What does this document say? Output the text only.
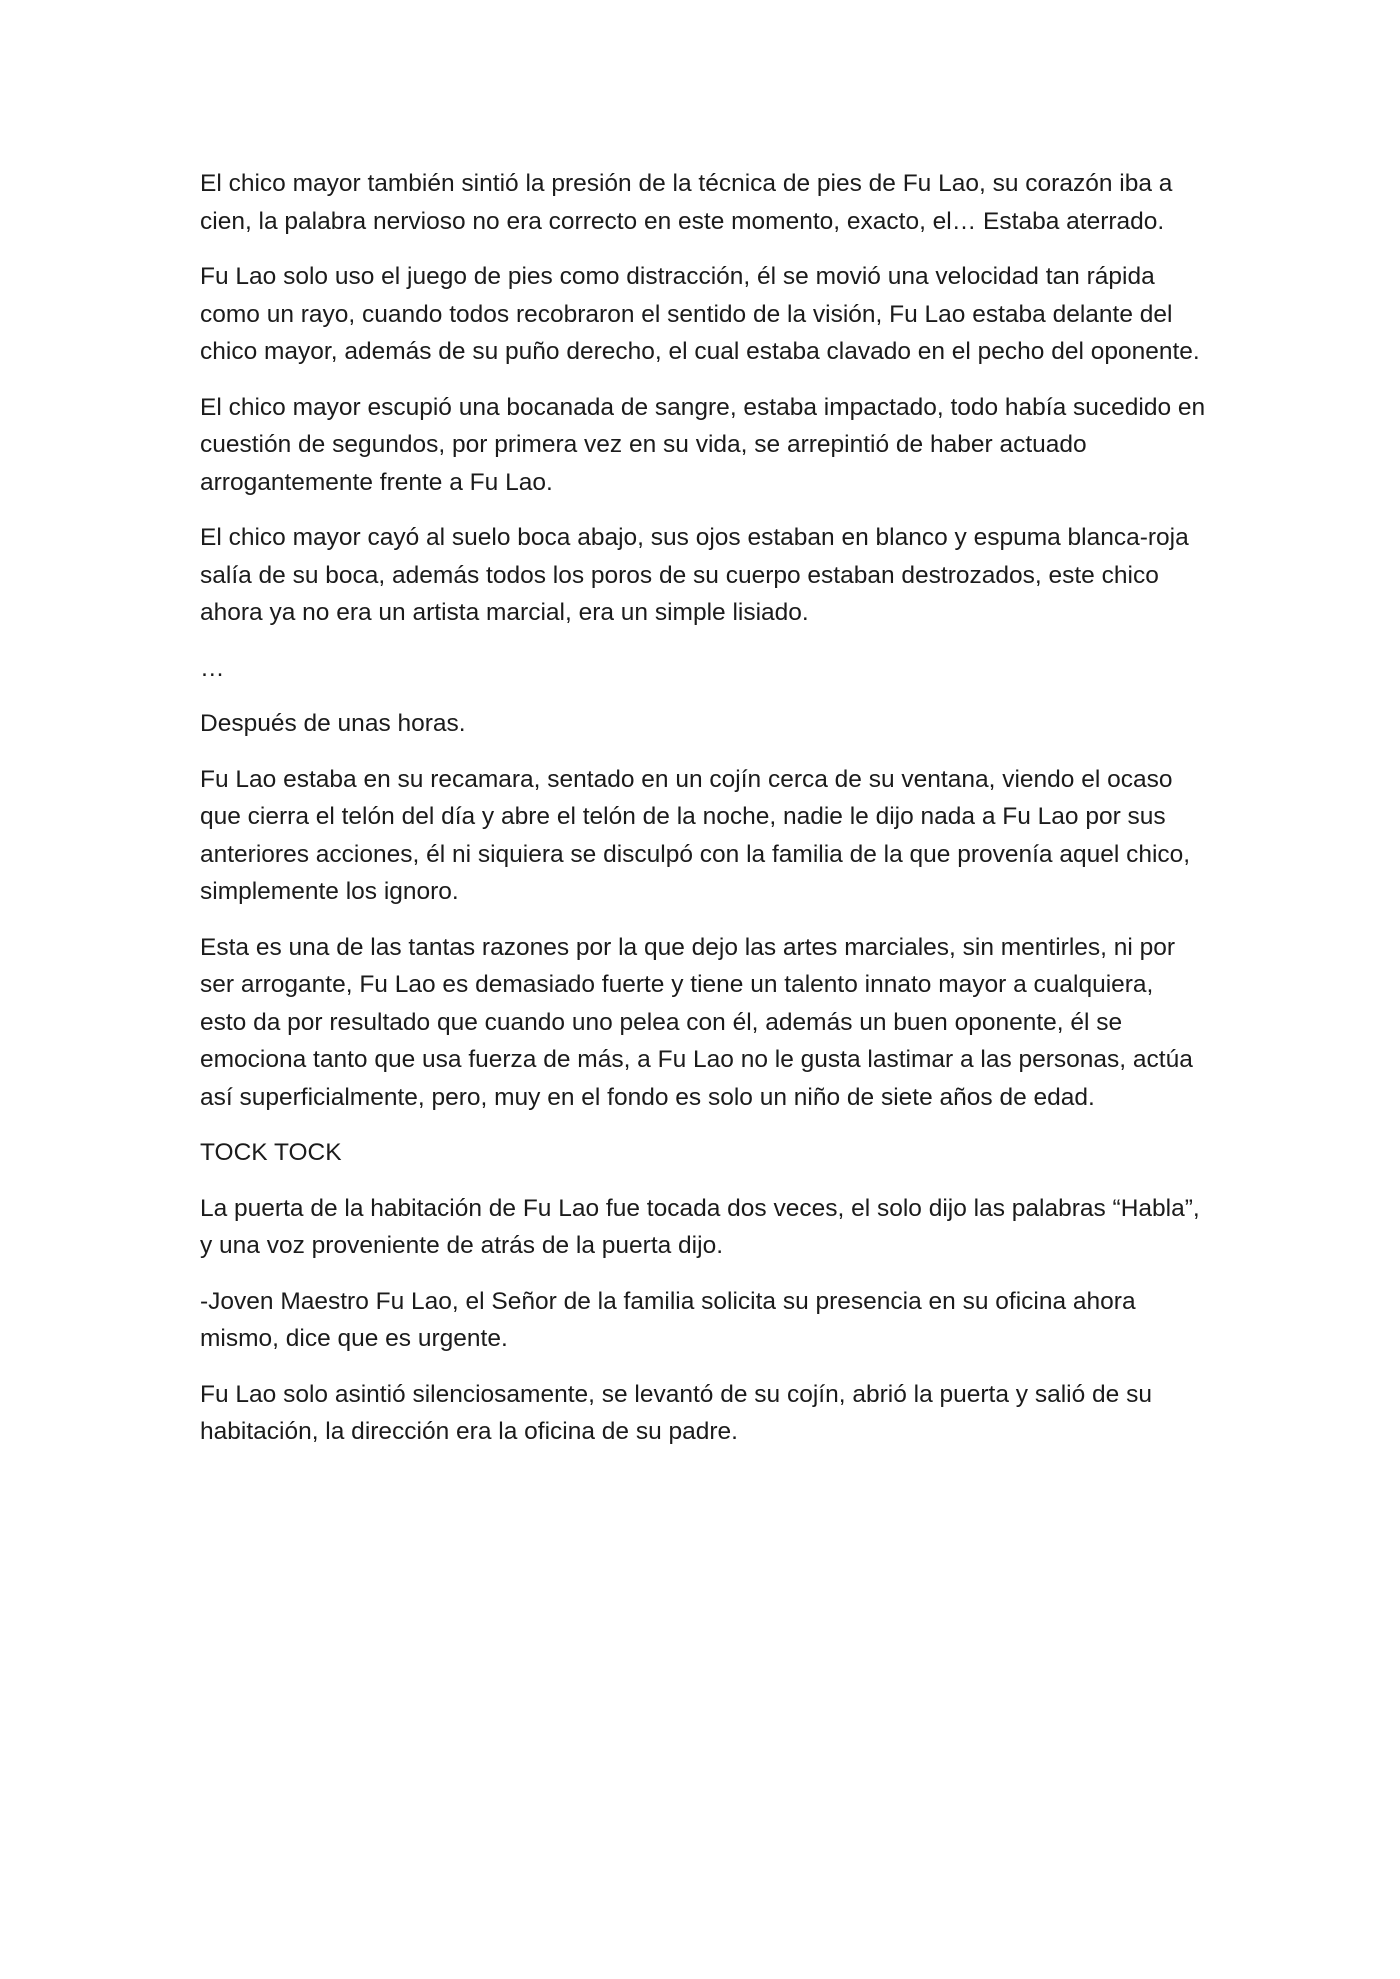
El chico mayor también sintió la presión de la técnica de pies de Fu Lao, su corazón iba a cien, la palabra nervioso no era correcto en este momento, exacto, el… Estaba aterrado.

Fu Lao solo uso el juego de pies como distracción, él se movió una velocidad tan rápida como un rayo, cuando todos recobraron el sentido de la visión, Fu Lao estaba delante del chico mayor, además de su puño derecho, el cual estaba clavado en el pecho del oponente.

El chico mayor escupió una bocanada de sangre, estaba impactado, todo había sucedido en cuestión de segundos, por primera vez en su vida, se arrepintió de haber actuado arrogantemente frente a Fu Lao.

El chico mayor cayó al suelo boca abajo, sus ojos estaban en blanco y espuma blanca-roja salía de su boca, además todos los poros de su cuerpo estaban destrozados, este chico ahora ya no era un artista marcial, era un simple lisiado.

…

Después de unas horas.

Fu Lao estaba en su recamara, sentado en un cojín cerca de su ventana, viendo el ocaso que cierra el telón del día y abre el telón de la noche, nadie le dijo nada a Fu Lao por sus anteriores acciones, él ni siquiera se disculpó con la familia de la que provenía aquel chico, simplemente los ignoro.

Esta es una de las tantas razones por la que dejo las artes marciales, sin mentirles, ni por ser arrogante, Fu Lao es demasiado fuerte y tiene un talento innato mayor a cualquiera, esto da por resultado que cuando uno pelea con él, además un buen oponente, él se emociona tanto que usa fuerza de más, a Fu Lao no le gusta lastimar a las personas, actúa así superficialmente, pero, muy en el fondo es solo un niño de siete años de edad.

TOCK TOCK

La puerta de la habitación de Fu Lao fue tocada dos veces, el solo dijo las palabras “Habla”, y una voz proveniente de atrás de la puerta dijo.

-Joven Maestro Fu Lao, el Señor de la familia solicita su presencia en su oficina ahora mismo, dice que es urgente.

Fu Lao solo asintió silenciosamente, se levantó de su cojín, abrió la puerta y salió de su habitación, la dirección era la oficina de su padre.
